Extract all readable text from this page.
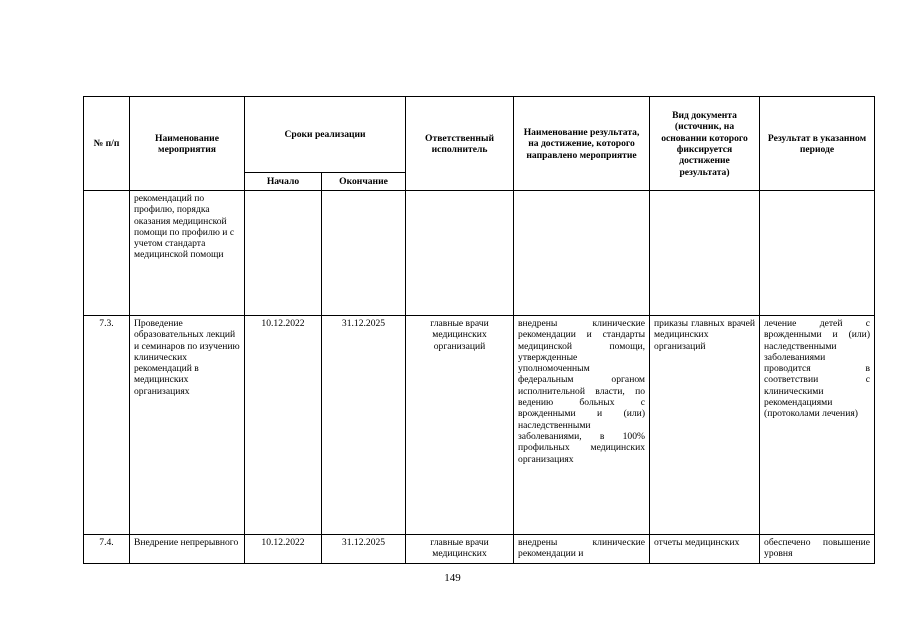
№ п/п	Наименование мероприятия	Сроки реализации		Ответственный исполнитель	Наименование результата, на достижение, которого направлено мероприятие	Вид документа (источник, на основании которого фиксируется достижение результата)	Результат в указанном периоде
		Начало	Окончание				
	рекомендаций по профилю, порядка оказания медицинской помощи по профилю и с учетом стандарта медицинской помощи						
7.3.	Проведение образовательных лекций и семинаров по изучению клинических рекомендаций в медицинских организациях	10.12.2022	31.12.2025	главные врачи медицинских организаций	внедрены клинические рекомендации и стандарты медицинской помощи, утвержденные уполномоченным федеральным органом исполнительной власти, по ведению больных с врожденными и (или) наследственными заболеваниями, в 100% профильных медицинских организациях	приказы главных врачей медицинских организаций	лечение детей с врожденными и (или) наследственными заболеваниями проводится в соответствии с клиническими рекомендациями (протоколами лечения)
7.4.	Внедрение непрерывного	10.12.2022	31.12.2025	главные врачи медицинских	внедрены клинические рекомендации и	отчеты медицинских	обеспечено повышение уровня
149
